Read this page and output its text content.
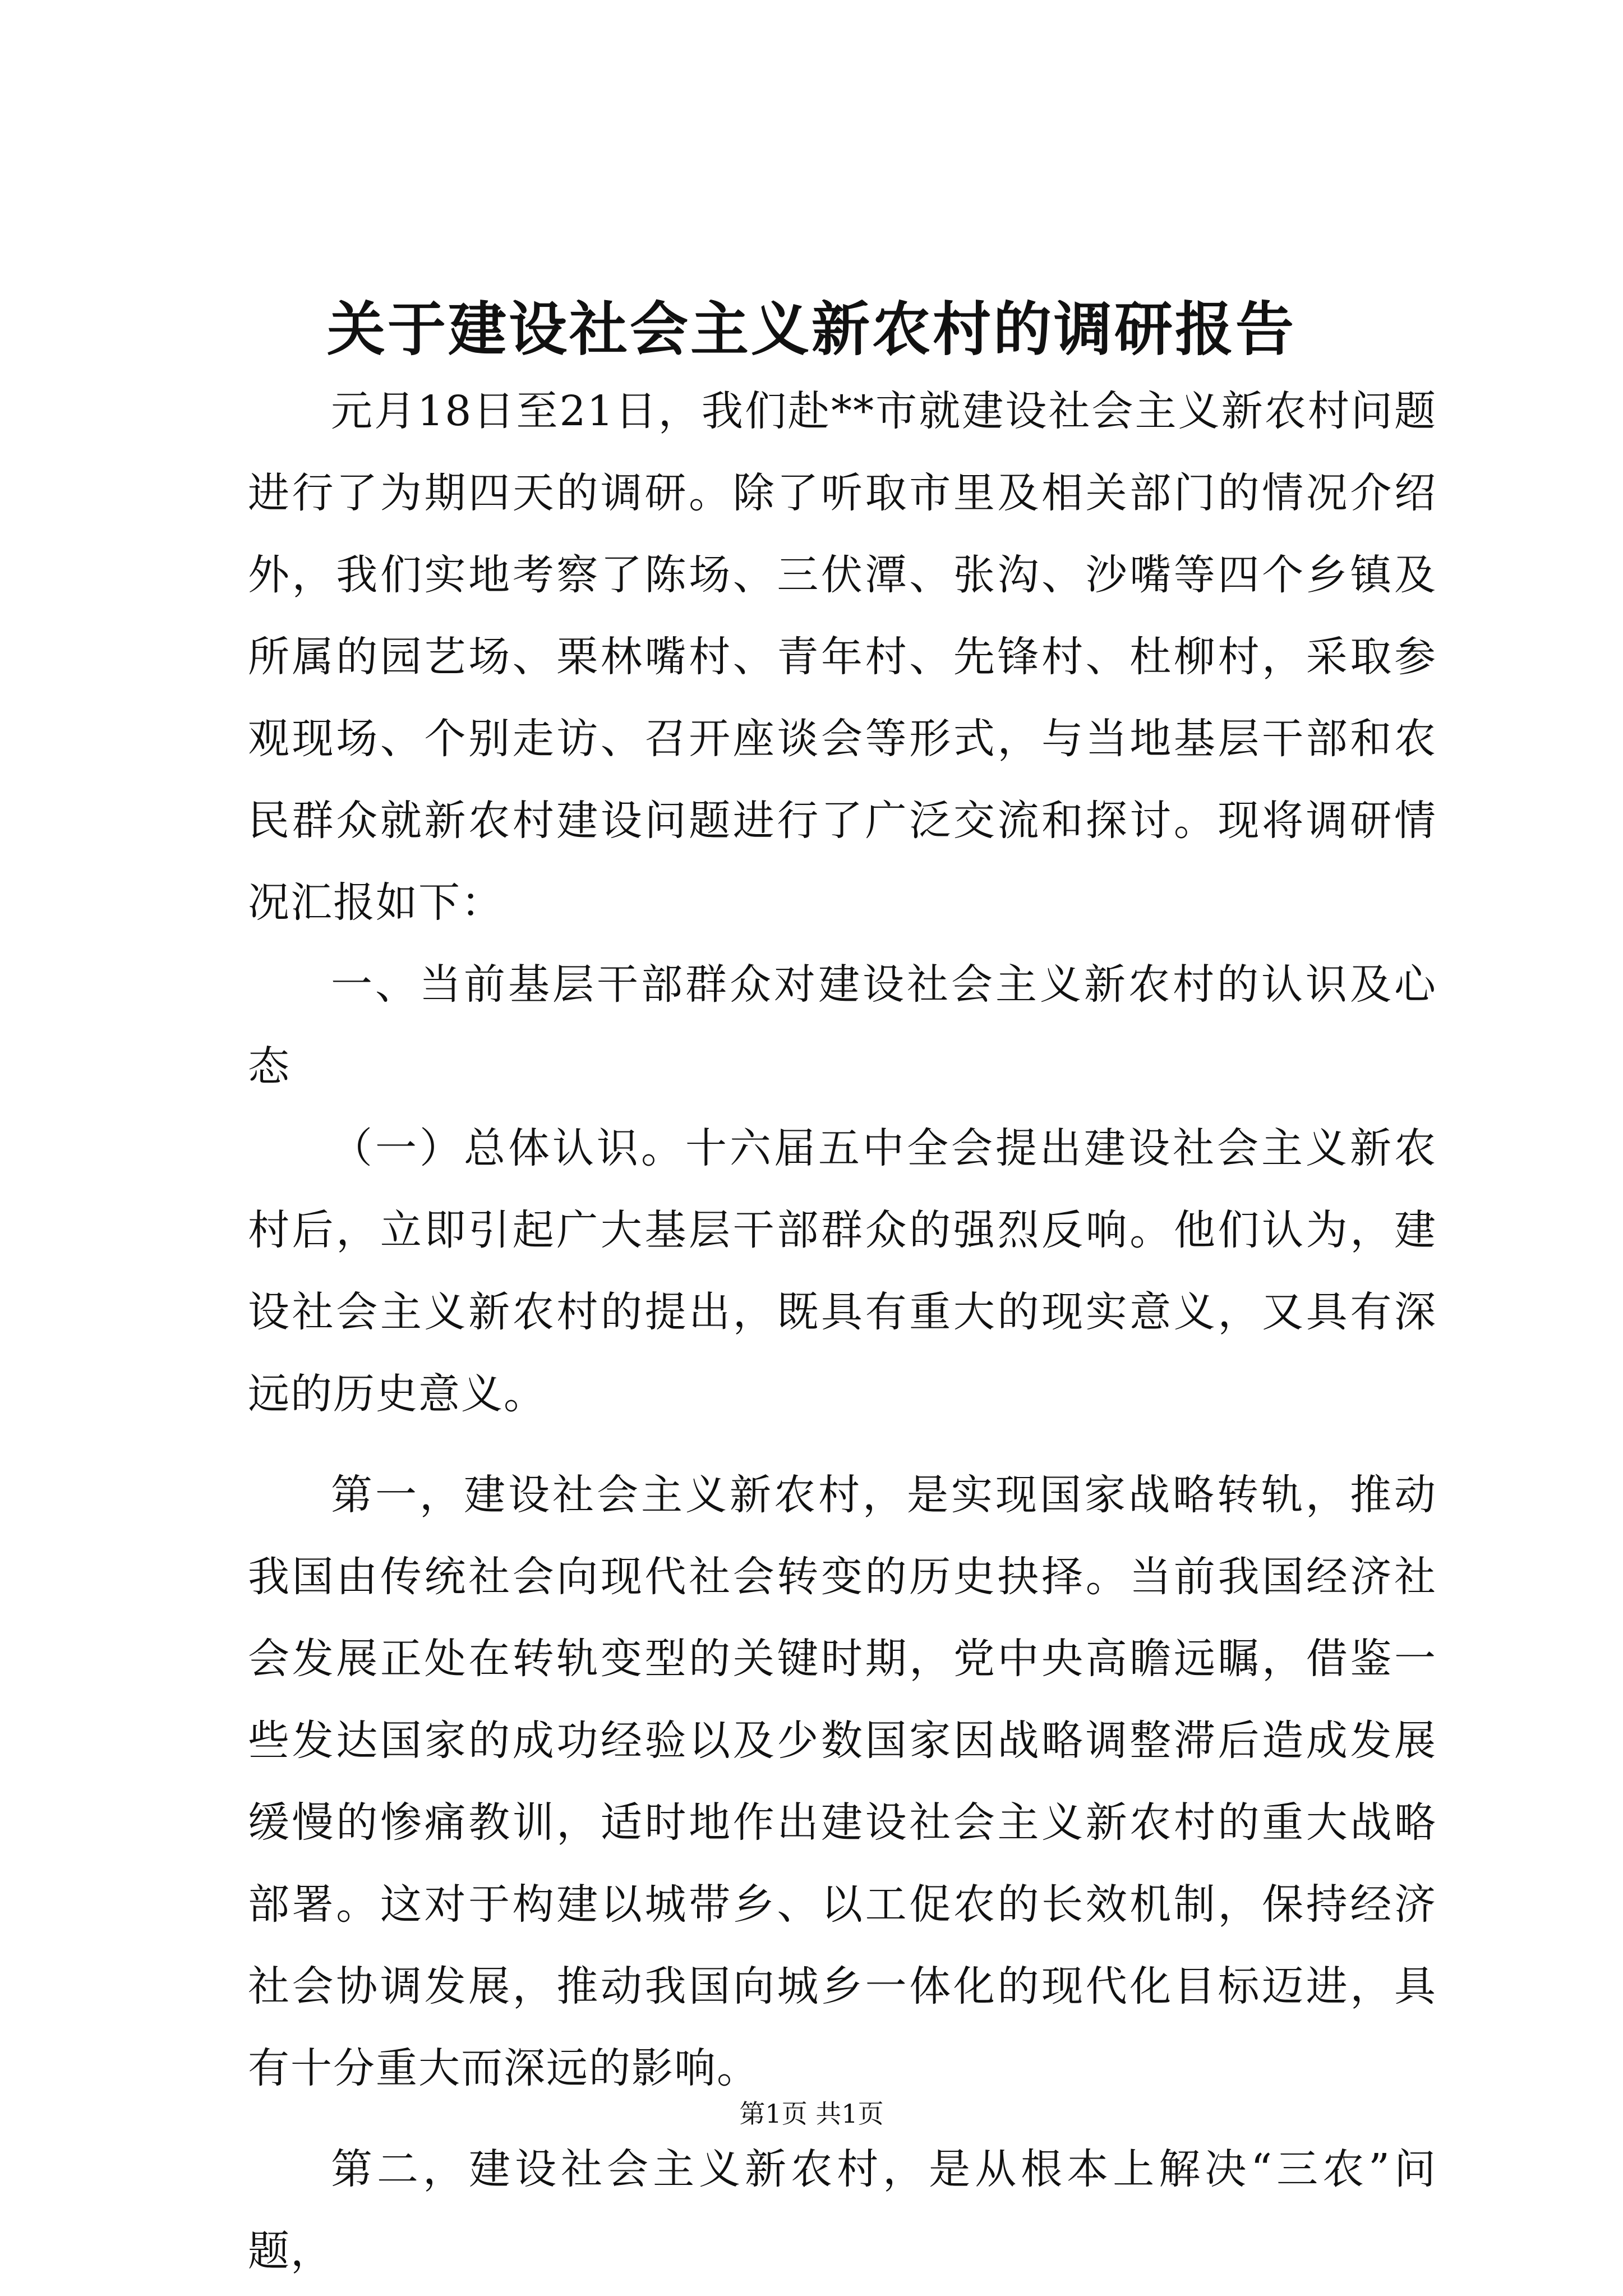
关于建设社会主义新农村的调研报告

元月18日至21日，我们赴**市就建设社会主义新农村问题进行了为期四天的调研。除了听取市里及相关部门的情况介绍外，我们实地考察了陈场、三伏潭、张沟、沙嘴等四个乡镇及所属的园艺场、栗林嘴村、青年村、先锋村、杜柳村，采取参观现场、个别走访、召开座谈会等形式，与当地基层干部和农民群众就新农村建设问题进行了广泛交流和探讨。现将调研情况汇报如下：

一、当前基层干部群众对建设社会主义新农村的认识及心态

（一）总体认识。十六届五中全会提出建设社会主义新农村后，立即引起广大基层干部群众的强烈反响。他们认为，建设社会主义新农村的提出，既具有重大的现实意义，又具有深远的历史意义。

第一，建设社会主义新农村，是实现国家战略转轨，推动我国由传统社会向现代社会转变的历史抉择。当前我国经济社会发展正处在转轨变型的关键时期，党中央高瞻远瞩，借鉴一些发达国家的成功经验以及少数国家因战略调整滞后造成发展缓慢的惨痛教训，适时地作出建设社会主义新农村的重大战略部署。这对于构建以城带乡、以工促农的长效机制，保持经济社会协调发展，推动我国向城乡一体化的现代化目标迈进，具有十分重大而深远的影响。

第二，建设社会主义新农村，是从根本上解决“三农”问题，

第1页 共1页
